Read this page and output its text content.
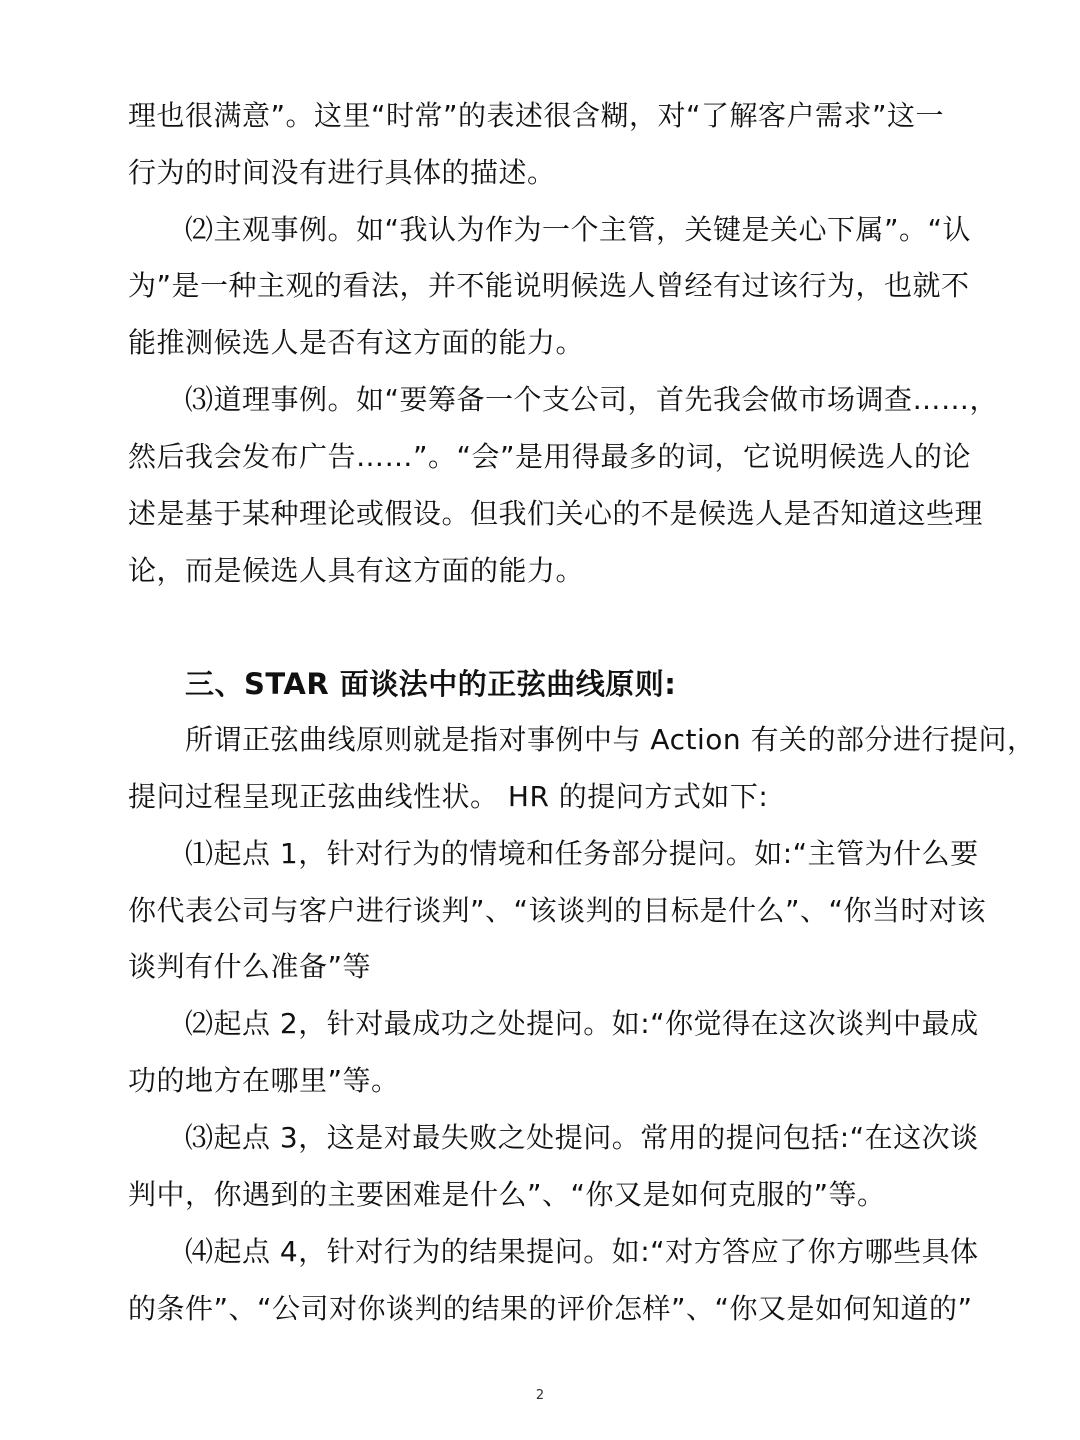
理也很满意”。这里“时常”的表述很含糊，对“了解客户需求”这一
行为的时间没有进行具体的描述。
⑵主观事例。如“我认为作为一个主管，关键是关心下属”。“认
为”是一种主观的看法，并不能说明候选人曾经有过该行为，也就不
能推测候选人是否有这方面的能力。
⑶道理事例。如“要筹备一个支公司，首先我会做市场调查……，
然后我会发布广告……”。“会”是用得最多的词，它说明候选人的论
述是基于某种理论或假设。但我们关心的不是候选人是否知道这些理
论，而是候选人具有这方面的能力。
三、STAR 面谈法中的正弦曲线原则:
所谓正弦曲线原则就是指对事例中与 Action 有关的部分进行提问，
提问过程呈现正弦曲线性状。 HR 的提问方式如下:
⑴起点 1，针对行为的情境和任务部分提问。如:“主管为什么要
你代表公司与客户进行谈判”、“该谈判的目标是什么”、“你当时对该
谈判有什么准备”等
⑵起点 2，针对最成功之处提问。如:“你觉得在这次谈判中最成
功的地方在哪里”等。
⑶起点 3，这是对最失败之处提问。常用的提问包括:“在这次谈
判中，你遇到的主要困难是什么”、“你又是如何克服的”等。
⑷起点 4，针对行为的结果提问。如:“对方答应了你方哪些具体
的条件”、“公司对你谈判的结果的评价怎样”、“你又是如何知道的”
2
